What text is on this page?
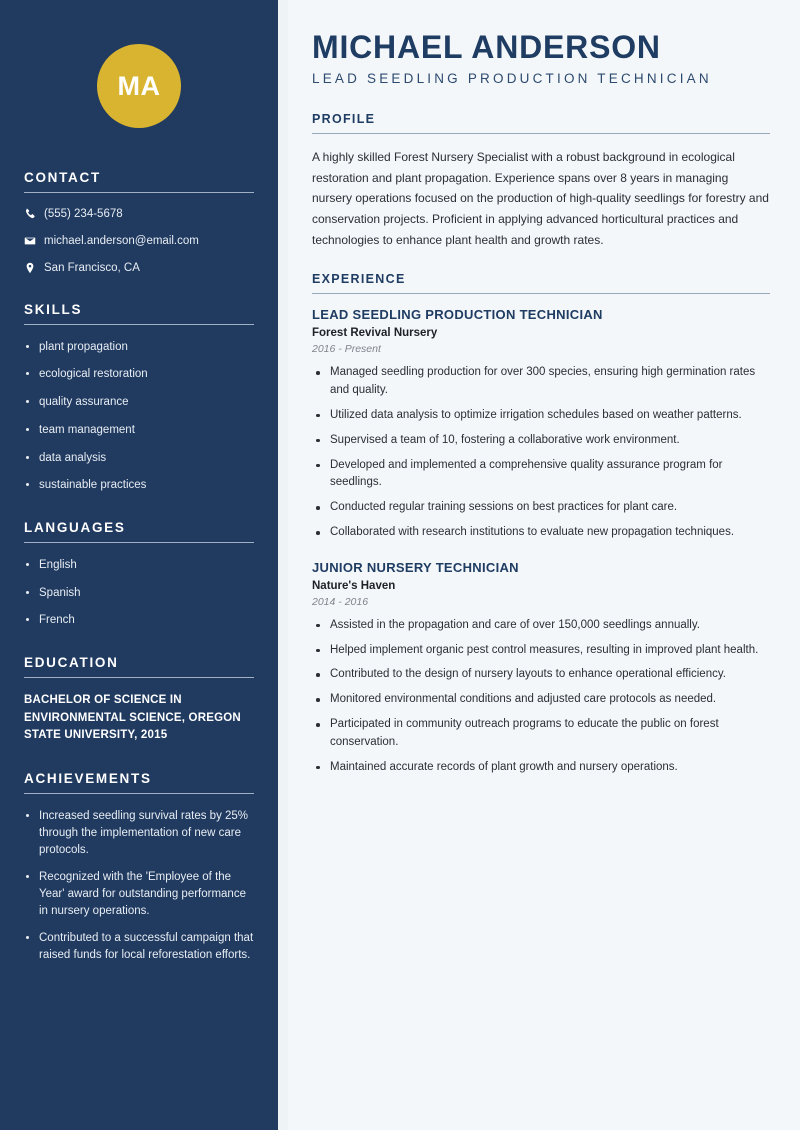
MA
CONTACT
(555) 234-5678
michael.anderson@email.com
San Francisco, CA
SKILLS
plant propagation
ecological restoration
quality assurance
team management
data analysis
sustainable practices
LANGUAGES
English
Spanish
French
EDUCATION
BACHELOR OF SCIENCE IN ENVIRONMENTAL SCIENCE, OREGON STATE UNIVERSITY, 2015
ACHIEVEMENTS
Increased seedling survival rates by 25% through the implementation of new care protocols.
Recognized with the 'Employee of the Year' award for outstanding performance in nursery operations.
Contributed to a successful campaign that raised funds for local reforestation efforts.
MICHAEL ANDERSON
LEAD SEEDLING PRODUCTION TECHNICIAN
PROFILE

A highly skilled Forest Nursery Specialist with a robust background in ecological restoration and plant propagation. Experience spans over 8 years in managing nursery operations focused on the production of high-quality seedlings for forestry and conservation projects. Proficient in applying advanced horticultural practices and technologies to enhance plant health and growth rates.

EXPERIENCE
LEAD SEEDLING PRODUCTION TECHNICIAN
Forest Revival Nursery
2016 - Present
Managed seedling production for over 300 species, ensuring high germination rates and quality.
Utilized data analysis to optimize irrigation schedules based on weather patterns.
Supervised a team of 10, fostering a collaborative work environment.
Developed and implemented a comprehensive quality assurance program for seedlings.
Conducted regular training sessions on best practices for plant care.
Collaborated with research institutions to evaluate new propagation techniques.
JUNIOR NURSERY TECHNICIAN
Nature's Haven
2014 - 2016
Assisted in the propagation and care of over 150,000 seedlings annually.
Helped implement organic pest control measures, resulting in improved plant health.
Contributed to the design of nursery layouts to enhance operational efficiency.
Monitored environmental conditions and adjusted care protocols as needed.
Participated in community outreach programs to educate the public on forest conservation.
Maintained accurate records of plant growth and nursery operations.
